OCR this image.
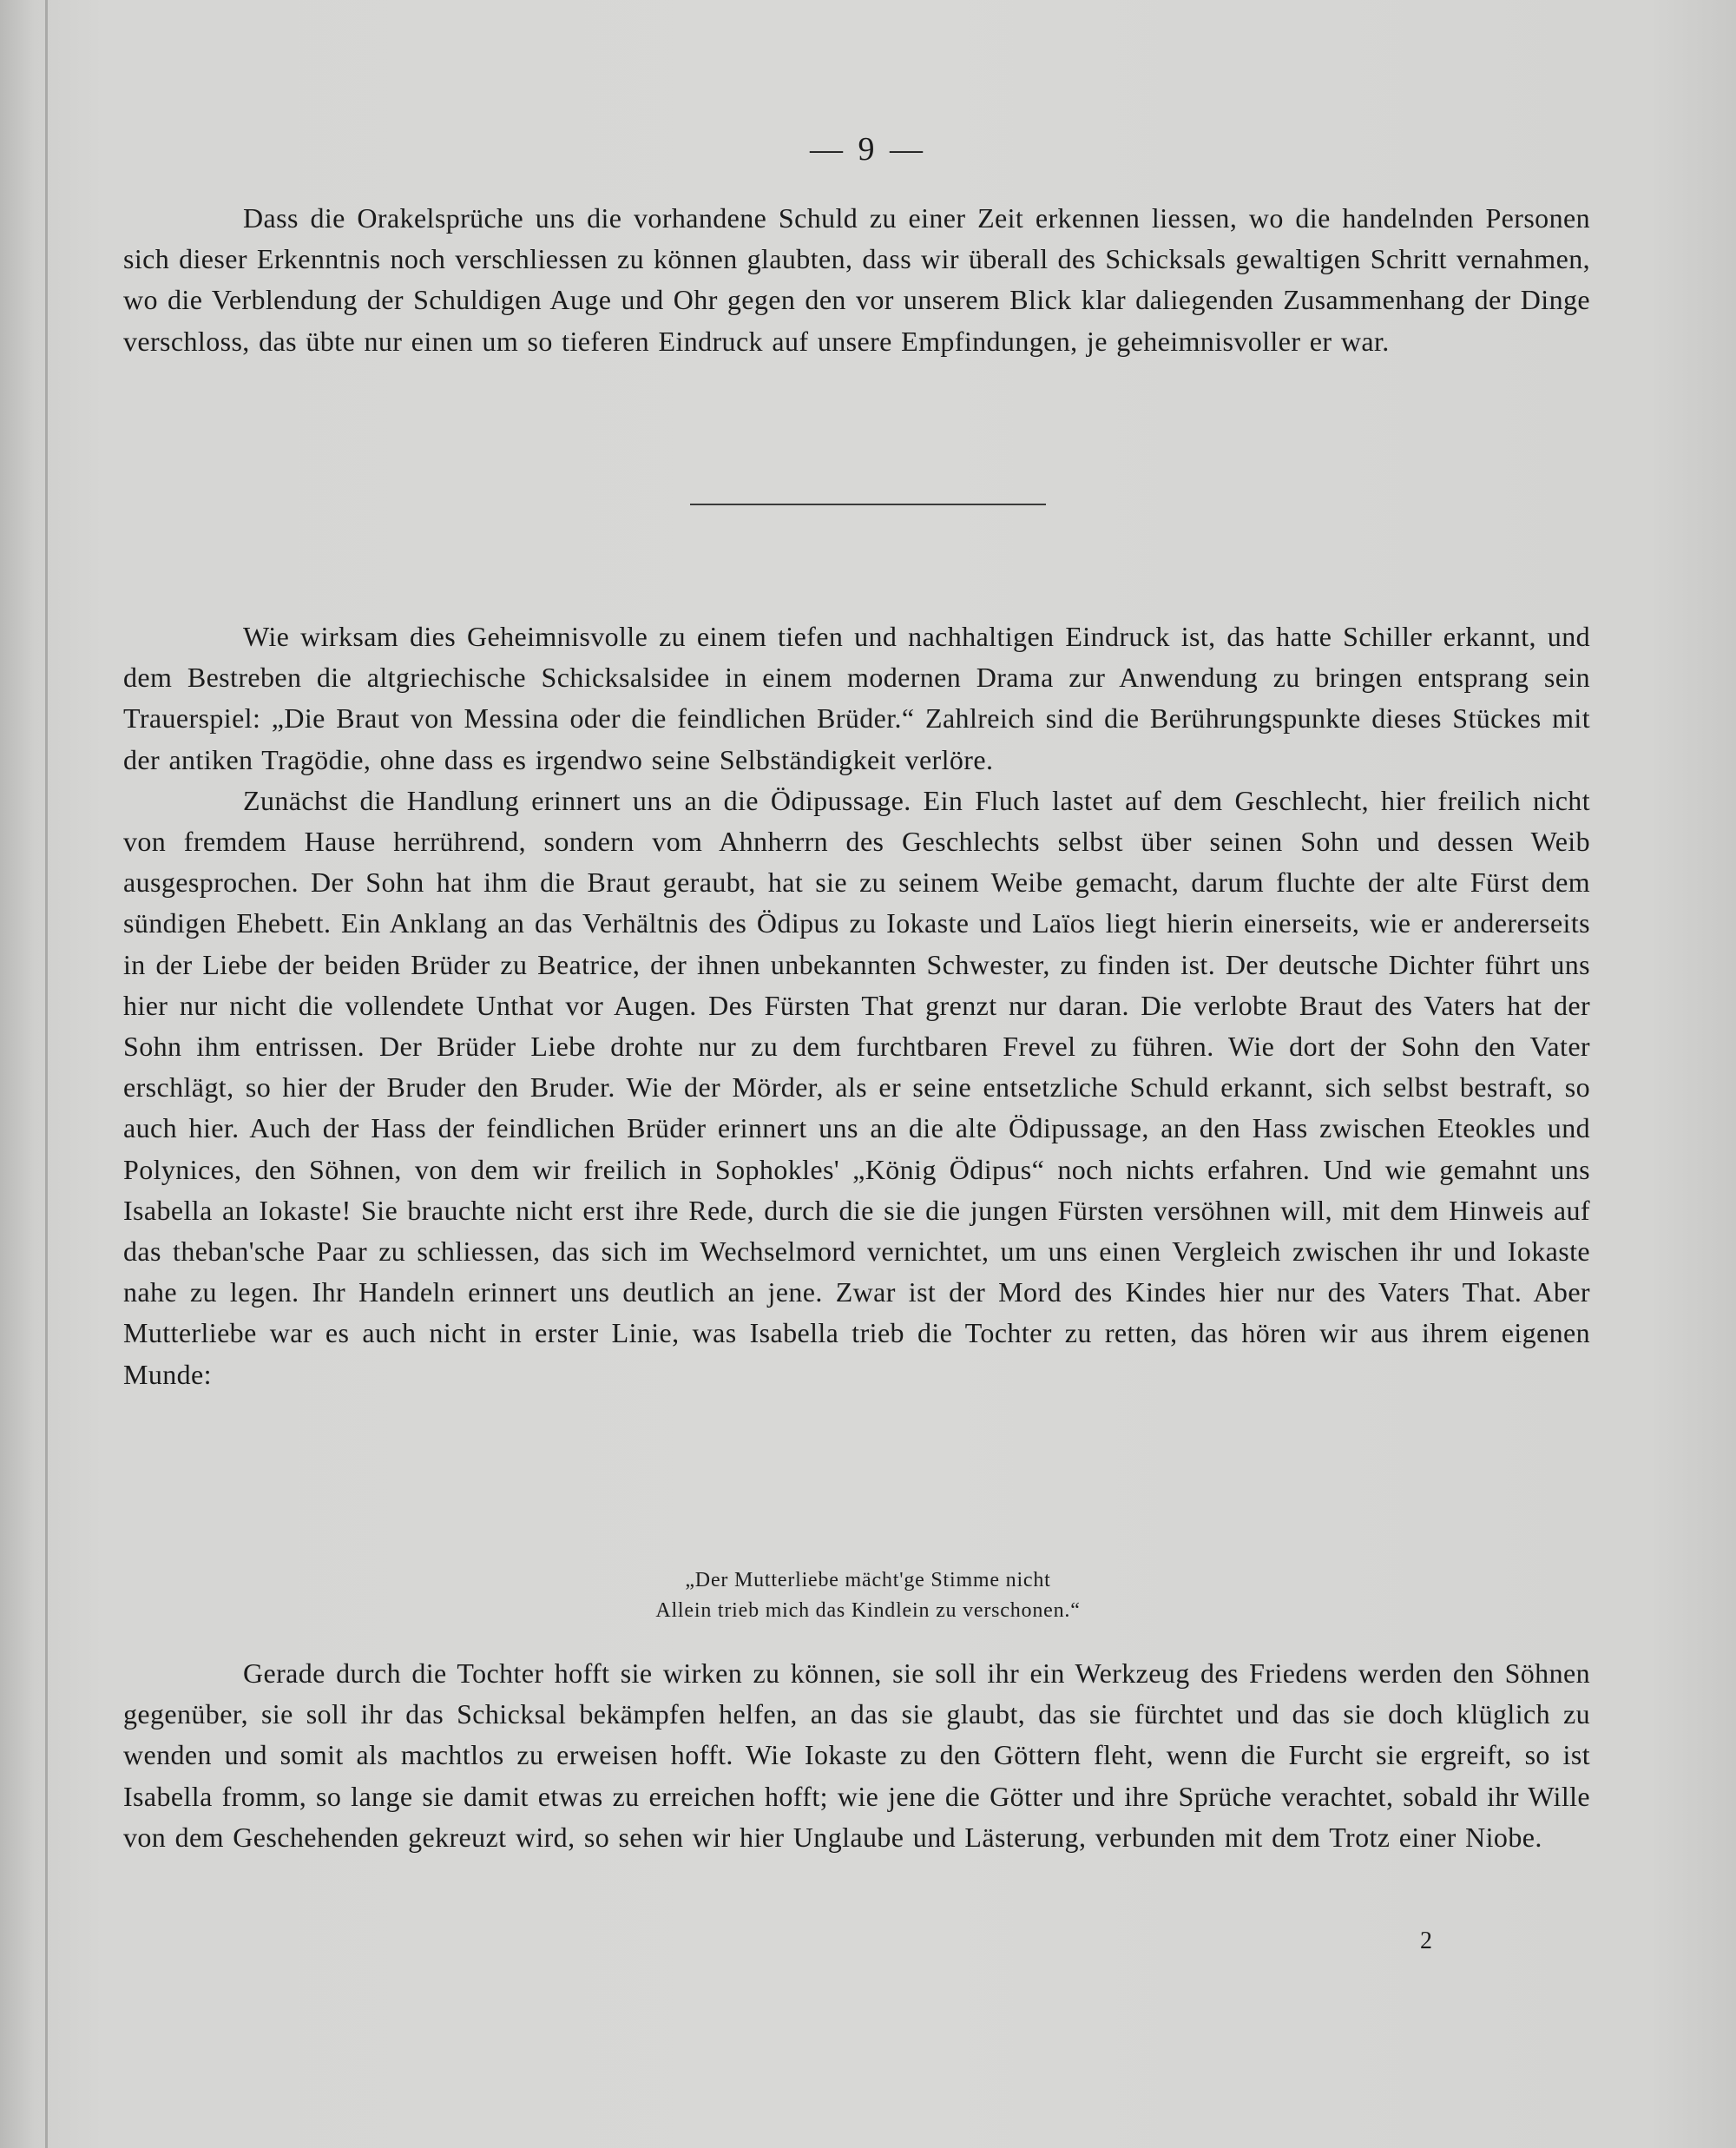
— 9 —

Dass die Orakelsprüche uns die vorhandene Schuld zu einer Zeit erkennen liessen, wo die handelnden Personen sich dieser Erkenntnis noch verschliessen zu können glaubten, dass wir überall des Schicksals gewaltigen Schritt vernahmen, wo die Verblendung der Schuldigen Auge und Ohr gegen den vor unserem Blick klar daliegenden Zusammenhang der Dinge verschloss, das übte nur einen um so tieferen Eindruck auf unsere Empfindungen, je geheimnisvoller er war.

Wie wirksam dies Geheimnisvolle zu einem tiefen und nachhaltigen Eindruck ist, das hatte Schiller erkannt, und dem Bestreben die altgriechische Schicksalsidee in einem modernen Drama zur Anwendung zu bringen entsprang sein Trauerspiel: „Die Braut von Messina oder die feindlichen Brüder.“ Zahlreich sind die Berührungspunkte dieses Stückes mit der antiken Tragödie, ohne dass es irgendwo seine Selbständigkeit verlöre.

Zunächst die Handlung erinnert uns an die Ödipussage. Ein Fluch lastet auf dem Geschlecht, hier freilich nicht von fremdem Hause herrührend, sondern vom Ahnherrn des Geschlechts selbst über seinen Sohn und dessen Weib ausgesprochen. Der Sohn hat ihm die Braut geraubt, hat sie zu seinem Weibe gemacht, darum fluchte der alte Fürst dem sündigen Ehebett. Ein Anklang an das Verhältnis des Ödipus zu Iokaste und Laïos liegt hierin einerseits, wie er andererseits in der Liebe der beiden Brüder zu Beatrice, der ihnen unbekannten Schwester, zu finden ist. Der deutsche Dichter führt uns hier nur nicht die vollendete Unthat vor Augen. Des Fürsten That grenzt nur daran. Die verlobte Braut des Vaters hat der Sohn ihm entrissen. Der Brüder Liebe drohte nur zu dem furchtbaren Frevel zu führen. Wie dort der Sohn den Vater erschlägt, so hier der Bruder den Bruder. Wie der Mörder, als er seine entsetzliche Schuld erkannt, sich selbst bestraft, so auch hier. Auch der Hass der feindlichen Brüder erinnert uns an die alte Ödipussage, an den Hass zwischen Eteokles und Polynices, den Söhnen, von dem wir freilich in Sophokles' „König Ödipus“ noch nichts erfahren. Und wie gemahnt uns Isabella an Iokaste! Sie brauchte nicht erst ihre Rede, durch die sie die jungen Fürsten versöhnen will, mit dem Hinweis auf das theban'sche Paar zu schliessen, das sich im Wechselmord vernichtet, um uns einen Vergleich zwischen ihr und Iokaste nahe zu legen. Ihr Handeln erinnert uns deutlich an jene. Zwar ist der Mord des Kindes hier nur des Vaters That. Aber Mutterliebe war es auch nicht in erster Linie, was Isabella trieb die Tochter zu retten, das hören wir aus ihrem eigenen Munde:

„Der Mutterliebe mächt'ge Stimme nicht
Allein trieb mich das Kindlein zu verschonen.“

Gerade durch die Tochter hofft sie wirken zu können, sie soll ihr ein Werkzeug des Friedens werden den Söhnen gegenüber, sie soll ihr das Schicksal bekämpfen helfen, an das sie glaubt, das sie fürchtet und das sie doch klüglich zu wenden und somit als machtlos zu erweisen hofft. Wie Iokaste zu den Göttern fleht, wenn die Furcht sie ergreift, so ist Isabella fromm, so lange sie damit etwas zu erreichen hofft; wie jene die Götter und ihre Sprüche verachtet, sobald ihr Wille von dem Geschehenden gekreuzt wird, so sehen wir hier Unglaube und Lästerung, verbunden mit dem Trotz einer Niobe.

2
